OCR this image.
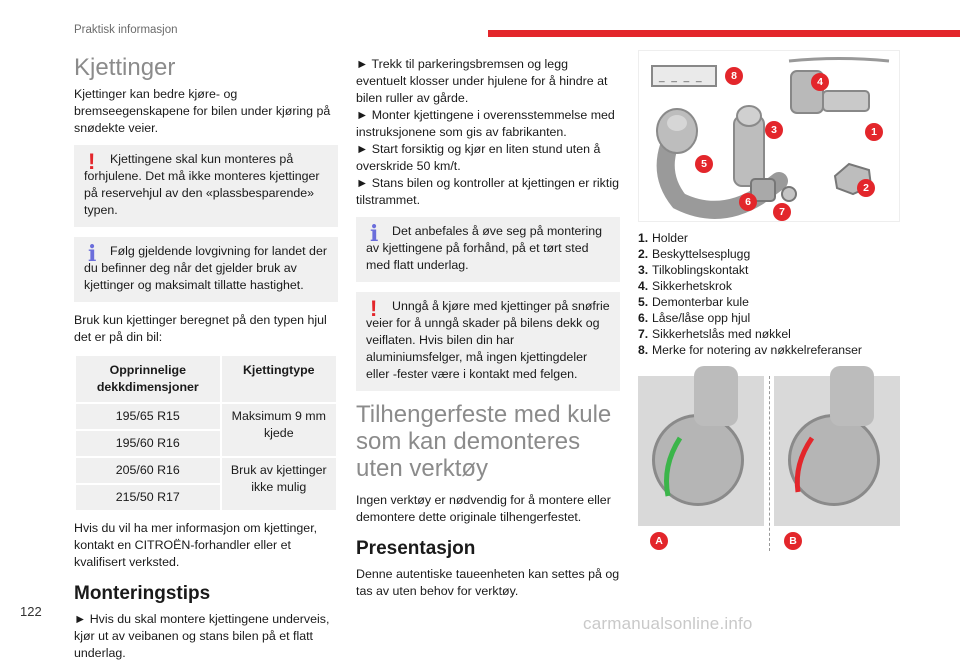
Praktisk informasjon
Kjettinger

Kjettinger kan bedre kjøre- og bremseegenskapene for bilen under kjøring på snødekte veier.

!	Kjettingene skal kun monteres på forhjulene. Det må ikke monteres kjettinger på reservehjul av den «plassbesparende» typen.
i	Følg gjeldende lovgivning for landet der du befinner deg når det gjelder bruk av kjettinger og maksimalt tillatte hastighet.

Bruk kun kjettinger beregnet på den typen hjul det er på din bil:

Opprinnelige dekkdimensjoner	Kjettingtype
195/65 R15	Maksimum 9 mm kjede
195/60 R16	
205/60 R16	Bruk av kjettinger ikke mulig
215/50 R17	

Hvis du vil ha mer informasjon om kjettinger, kontakt en CITROËN-forhandler eller et kvalifisert verksted.

Monteringstips

► Hvis du skal montere kjettingene underveis, kjør ut av veibanen og stans bilen på et flatt underlag.

► Trekk til parkeringsbremsen og legg eventuelt klosser under hjulene for å hindre at bilen ruller av gårde.

► Monter kjettingene i overensstemmelse med instruksjonene som gis av fabrikanten.

► Start forsiktig og kjør en liten stund uten å overskride 50 km/t.

► Stans bilen og kontroller at kjettingen er riktig tilstrammet.

i	Det anbefales å øve seg på montering av kjettingene på forhånd, på et tørt sted med flatt underlag.
!	Unngå å kjøre med kjettinger på snøfrie veier for å unngå skader på bilens dekk og veiflaten. Hvis bilen din har aluminiumsfelger, må ingen kjettingdeler eller -fester være i kontakt med felgen.
Tilhengerfeste med kule som kan demonteres uten verktøy

Ingen verktøy er nødvendig for å montere eller demontere dette originale tilhengerfestet.

Presentasjon

Denne autentiske taueenheten kan settes på og tas av uten behov for verktøy.

_ _ _ _	8	4
3	1
5
2
6
7
1. Holder
2. Beskyttelsesplugg
3. Tilkoblingskontakt
4. Sikkerhetskrok
5. Demonterbar kule
6. Låse/låse opp hjul
7. Sikkerhetslås med nøkkel
8. Merke for notering av nøkkelreferanser
A	B
122
carmanualsonline.info
